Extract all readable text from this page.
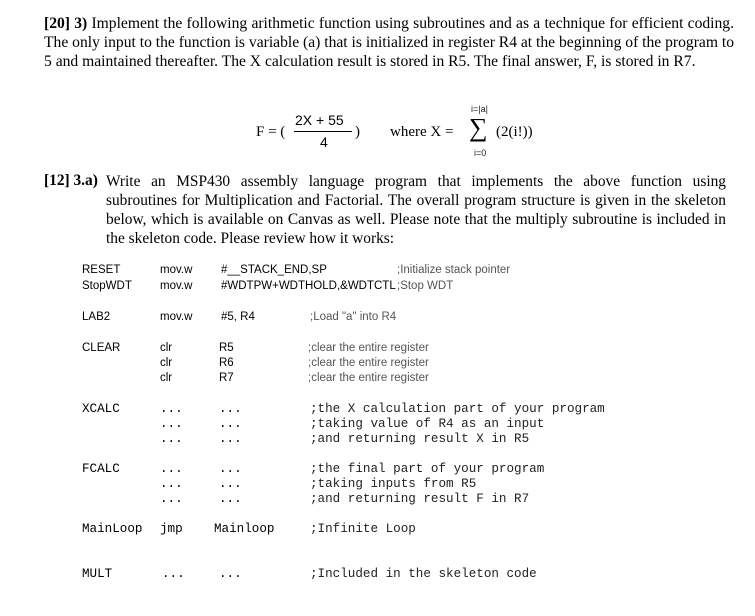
[20] 3) Implement the following arithmetic function using subroutines and as a technique for efficient coding. The only input to the function is variable (a) that is initialized in register R4 at the beginning of the program to 5 and maintained thereafter. The X calculation result is stored in R5. The final answer, F, is stored in R7.
F = (
2X + 55
4
) where X =
i=|a|
∑
i=0
(2(i!))
[12] 3.a) Write an MSP430 assembly language program that implements the above function using subroutines for Multiplication and Factorial. The overall program structure is given in the skeleton below, which is available on Canvas as well. Please note that the multiply subroutine is included in the skeleton code. Please review how it works:
RESET	mov.w #__STACK_END,SP	;Initialize stack pointer
StopWDT mov.w #WDTPW+WDTHOLD,&WDTCTL ;Stop WDT
LAB2	mov.w #5, R4	;Load "a" into R4
CLEAR	clr	R5	;clear the entire register
clr	R6	;clear the entire register
clr	R7	;clear the entire register
XCALC	...	...	;the X calculation part of your program
...	...	;taking value of R4 as an input
...	...	;and returning result X in R5
FCALC	...	...	;the final part of your program
...	...	;taking inputs from R5
...	...	;and returning result F in R7
MainLoop jmp Mainloop	;Infinite Loop
MULT	...	...	;Included in the skeleton code
